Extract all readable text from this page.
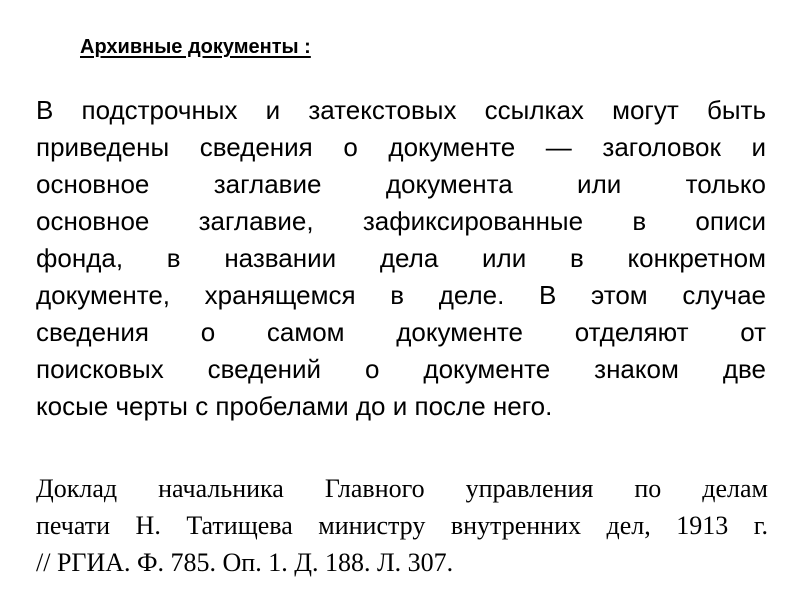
Архивные документы :
В подстрочных и затекстовых ссылках могут быть
приведены сведения о документе — заголовок и
основное заглавие документа или только
основное заглавие, зафиксированные в описи
фонда, в названии дела или в конкретном
документе, хранящемся в деле. В этом случае
сведения о самом документе отделяют от
поисковых сведений о документе знаком две
косые черты с пробелами до и после него.
Доклад начальника Главного управления по делам
печати Н. Татищева министру внутренних дел, 1913 г.
// РГИА. Ф. 785. Оп. 1. Д. 188. Л. 307.
